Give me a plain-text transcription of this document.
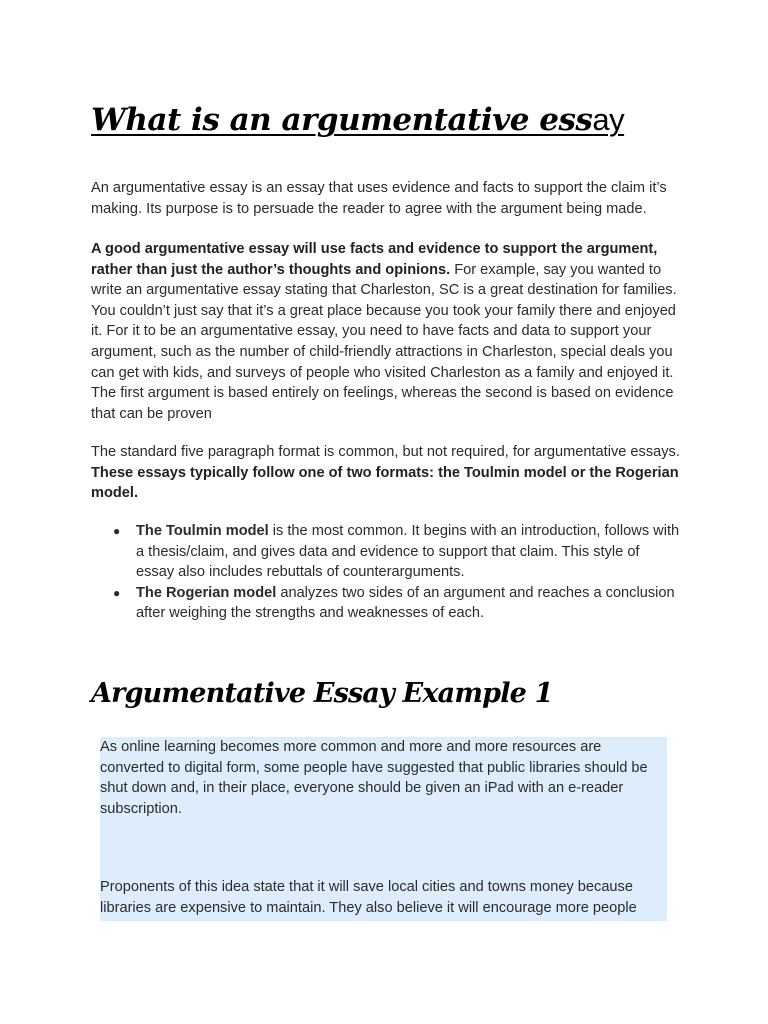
What is an argumentative essay

An argumentative essay is an essay that uses evidence and facts to support the claim it’s making. Its purpose is to persuade the reader to agree with the argument being made.

A good argumentative essay will use facts and evidence to support the argument, rather than just the author’s thoughts and opinions. For example, say you wanted to write an argumentative essay stating that Charleston, SC is a great destination for families. You couldn’t just say that it’s a great place because you took your family there and enjoyed it. For it to be an argumentative essay, you need to have facts and data to support your argument, such as the number of child-friendly attractions in Charleston, special deals you can get with kids, and surveys of people who visited Charleston as a family and enjoyed it. The first argument is based entirely on feelings, whereas the second is based on evidence that can be proven

The standard five paragraph format is common, but not required, for argumentative essays. These essays typically follow one of two formats: the Toulmin model or the Rogerian model.

● The Toulmin model is the most common. It begins with an introduction, follows with a thesis/claim, and gives data and evidence to support that claim. This style of essay also includes rebuttals of counterarguments.
● The Rogerian model analyzes two sides of an argument and reaches a conclusion after weighing the strengths and weaknesses of each.
Argumentative Essay Example 1

As online learning becomes more common and more and more resources are converted to digital form, some people have suggested that public libraries should be shut down and, in their place, everyone should be given an iPad with an e-reader subscription.

Proponents of this idea state that it will save local cities and towns money because libraries are expensive to maintain. They also believe it will encourage more people
